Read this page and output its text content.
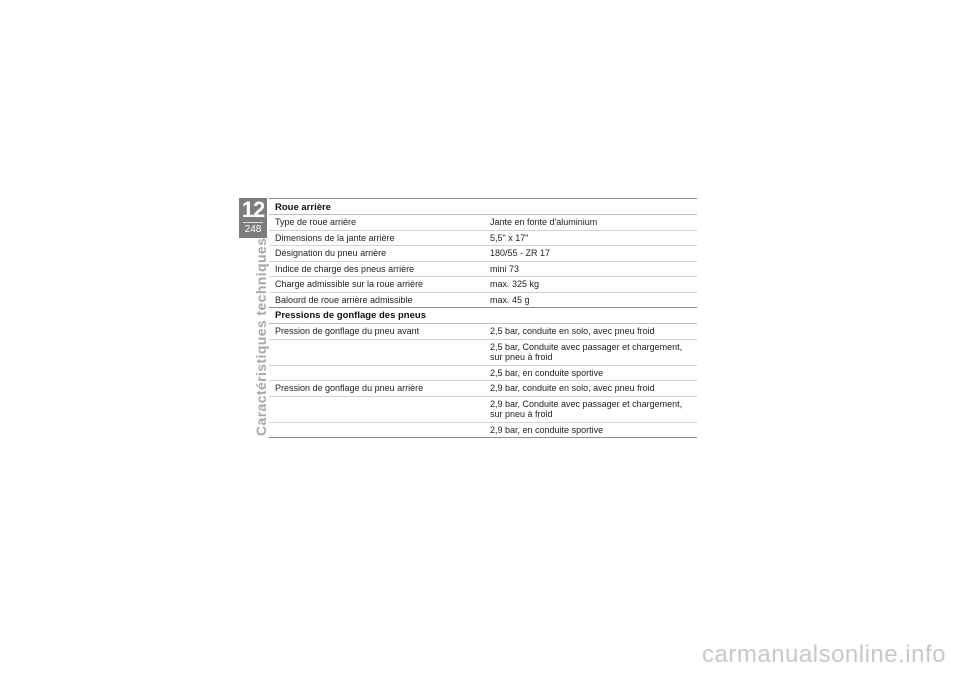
12
248
Caractéristiques techniques
Roue arrière
Type de roue arrière	Jante en fonte d'aluminium
Dimensions de la jante arrière	5,5" x 17"
Désignation du pneu arrière	180/55 - ZR 17
Indice de charge des pneus arrière	mini 73
Charge admissible sur la roue arrière	max. 325 kg
Balourd de roue arrière admissible	max. 45 g
Pressions de gonflage des pneus
Pression de gonflage du pneu avant	2,5 bar, conduite en solo, avec pneu froid
2,5 bar, Conduite avec passager et chargement, sur pneu à froid
2,5 bar, en conduite sportive
Pression de gonflage du pneu arrière	2,9 bar, conduite en solo, avec pneu froid
2,9 bar, Conduite avec passager et chargement, sur pneu à froid
2,9 bar, en conduite sportive
carmanualsonline.info
